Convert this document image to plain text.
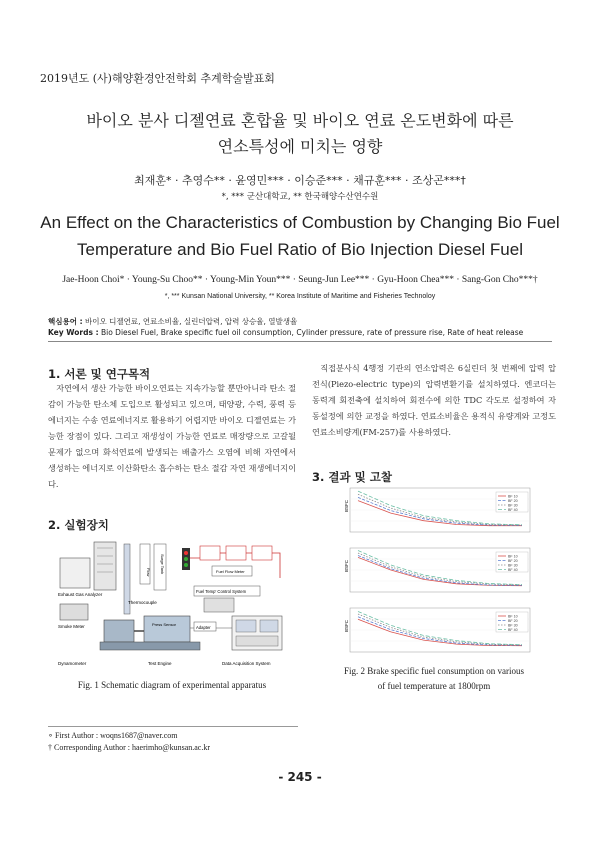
2019년도 (사)해양환경안전학회 추계학술발표회
바이오 분사 디젤연료 혼합율 및 바이오 연료 온도변화에 따른
연소특성에 미치는 영향
최재훈* · 추영수** · 윤영민*** · 이승준*** · 채규훈*** · 조상곤***†
*, *** 군산대학교, ** 한국해양수산연수원
An Effect on the Characteristics of Combustion by Changing Bio Fuel
Temperature and Bio Fuel Ratio of Bio Injection Diesel Fuel
Jae-Hoon Choi* · Young-Su Choo** · Young-Min Youn*** · Seung-Jun Lee*** · Gyu-Hoon Chea*** · Sang-Gon Cho***†
*, *** Kunsan National University, ** Korea Institute of Maritime and Fisheries Technoloy
핵심용어 : 바이오 디젤연료, 연료소비율, 실린더압력, 압력 상승율, 열발생율
Key Words : Bio Diesel Fuel, Brake specific fuel oil consumption, Cylinder pressure, rate of pressure rise, Rate of heat release
1. 서론 및 연구목적
자연에서 생산 가능한 바이오연료는 지속가능할 뿐만아니라 탄소 절감이 가능한 탄소체 도입으로 활성되고 있으며, 태양광, 수력, 풍력 등 에너지는 수송 연료에너지로 활용하기 어렵지만 바이오 디젤연료는 가능한 장점이 있다. 그리고 재생성이 가능한 연료로 매장량으로 고갈될 문제가 없으며 화석연료에 발생되는 배출가스 오염에 비해 자연에서 생성하는 에너지로 이산화탄소 흡수하는 탄소 절감 자연 재생에너지이다.
2. 실험장치
Exhaust Gas Analyzer
Smoke Meter
Flow Surge Tank
Thermocouple
Fuel Flow Meter
Fuel Temp' Control System
Press Sensor
Adapter
Dynamometer	Test Engine	Data Acquisition System
Fig. 1 Schematic diagram of experimental apparatus
직접분사식 4행정 기관의 연소압력은 6실린더 첫 번째에 압력 압전식(Piezo-electric type)의 압력변환기를 설치하였다. 엔코더는 동력계 회전축에 설치하여 회전수에 의한 TDC 각도로 설정하여 자동설정에 의한 교정을 하였다. 연료소비율은 용적식 유량계와 고정도 연료소비량계(FM-257)를 사용하였다.
3. 결과 및 고찰
BSFC
BF 10
BF 20
BF 30
BF 40
BSFC
BF 10
BF 20
BF 30
BF 40
BSFC
BF 10
BF 20
BF 30
BF 40
Fig. 2 Brake specific fuel consumption on various
of fuel temperature at 1800rpm
∘ First Author : woqns1687@naver.com
† Corresponding Author : haerimho@kunsan.ac.kr
- 245 -
